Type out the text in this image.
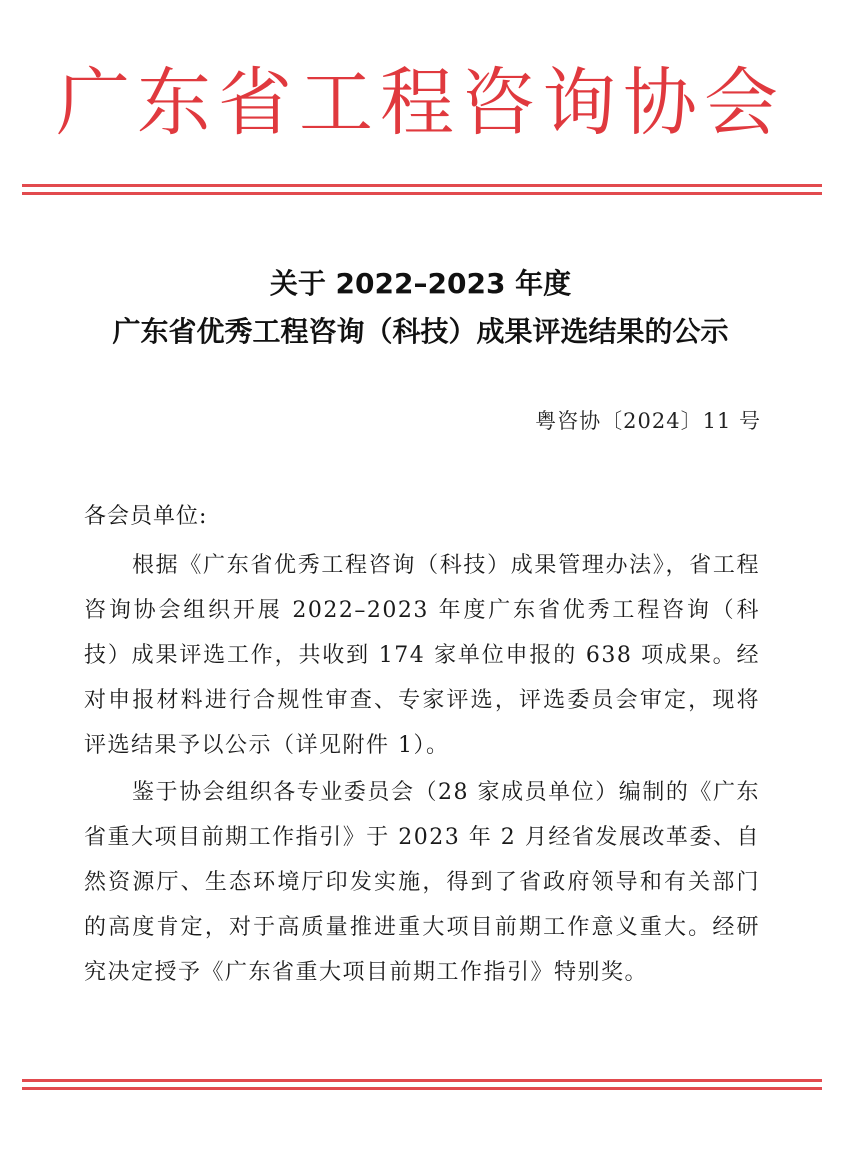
广东省工程咨询协会
关于 2022–2023 年度
广东省优秀工程咨询（科技）成果评选结果的公示
粤咨协〔2024〕11 号
各会员单位:
根据《广东省优秀工程咨询（科技）成果管理办法》，省工程咨询协会组织开展 2022–2023 年度广东省优秀工程咨询（科技）成果评选工作，共收到 174 家单位申报的 638 项成果。经对申报材料进行合规性审查、专家评选，评选委员会审定，现将评选结果予以公示（详见附件 1）。
鉴于协会组织各专业委员会（28 家成员单位）编制的《广东省重大项目前期工作指引》于 2023 年 2 月经省发展改革委、自然资源厅、生态环境厅印发实施，得到了省政府领导和有关部门的高度肯定，对于高质量推进重大项目前期工作意义重大。经研究决定授予《广东省重大项目前期工作指引》特别奖。
